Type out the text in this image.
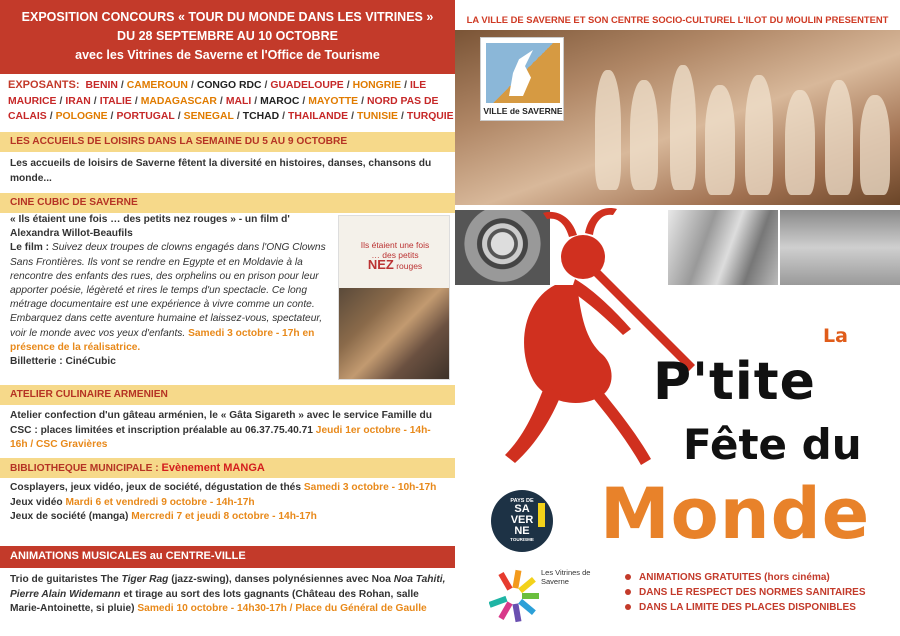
EXPOSITION CONCOURS « TOUR DU MONDE DANS LES VITRINES »
DU 28 SEPTEMBRE AU 10 OCTOBRE
avec les Vitrines de Saverne et l'Office de Tourisme
EXPOSANTS: BENIN / CAMEROUN / CONGO RDC / GUADELOUPE / HONGRIE / ILE MAURICE / IRAN / ITALIE / MADAGASCAR / MALI / MAROC / MAYOTTE / NORD PAS DE CALAIS / POLOGNE / PORTUGAL / SENEGAL / TCHAD / THAILANDE / TUNISIE / TURQUIE
LES ACCUEILS DE LOISIRS DANS LA SEMAINE DU 5 AU 9 OCTOBRE
Les accueils de loisirs de Saverne fêtent la diversité en histoires, danses, chansons du monde...
CINE CUBIC DE SAVERNE
« Ils étaient une fois … des petits nez rouges » - un film d' Alexandra Willot-Beaufils
Le film : Suivez deux troupes de clowns engagés dans l'ONG Clowns Sans Frontières. Ils vont se rendre en Egypte et en Moldavie à la rencontre des enfants des rues, des orphelins ou en prison pour leur apporter poésie, légèreté et rires le temps d'un spectacle. Ce long métrage documentaire est une expérience à vivre comme un conte. Embarquez dans cette aventure humaine et laissez-vous, spectateur, voir le monde avec vos yeux d'enfants. Samedi 3 octobre - 17h en présence de la réalisatrice.
Billetterie : CinéCubic
Ils étaient une fois
… des petits
NEZ rouges
ATELIER CULINAIRE ARMENIEN
Atelier confection d'un gâteau arménien, le « Gâta Sigareth » avec le service Famille du CSC : places limitées et inscription préalable au 06.37.75.40.71 Jeudi 1er octobre - 14h-16h / CSC Gravières
BIBLIOTHEQUE MUNICIPALE : Evènement MANGA
Cosplayers, jeux vidéo, jeux de société, dégustation de thés Samedi 3 octobre - 10h-17h
Jeux vidéo Mardi 6 et vendredi 9 octobre - 14h-17h
Jeux de société (manga) Mercredi 7 et jeudi 8 octobre - 14h-17h
ANIMATIONS MUSICALES au CENTRE-VILLE
Trio de guitaristes The Tiger Rag (jazz-swing), danses polynésiennes avec Noa Noa Tahiti, Pierre Alain Widemann et tirage au sort des lots gagnants (Château des Rohan, salle Marie-Antoinette, si pluie) Samedi 10 octobre - 14h30-17h / Place du Général de Gaulle
LA VILLE DE SAVERNE ET SON CENTRE SOCIO-CULTUREL L'ILOT DU MOULIN PRESENTENT
VILLE de SAVERNE
La
P'tite
Fête du
Monde
PAYS DE
SA
VER
NE
TOURISME
Les Vitrines de Saverne	ANIMATIONS GRATUITES (hors cinéma)
DANS LE RESPECT DES NORMES SANITAIRES
DANS LA LIMITE DES PLACES DISPONIBLES
